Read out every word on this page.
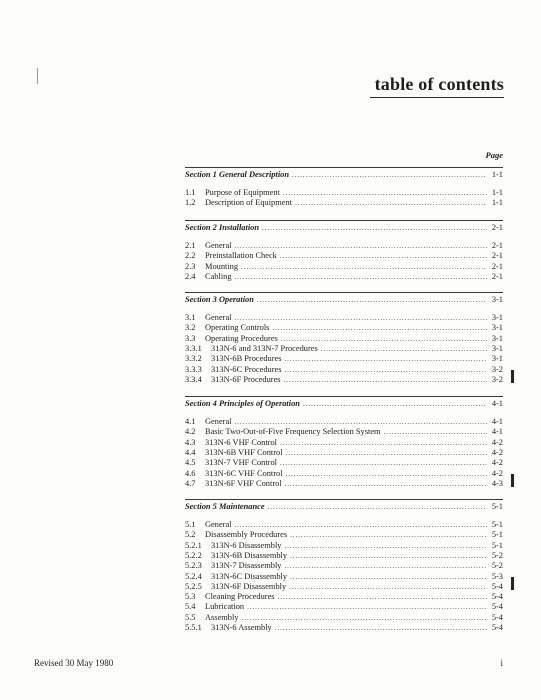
table of contents
Page
Section 1 General Description . . .	1-1
1.1	Purpose of Equipment . . .	1-1
1.2	Description of Equipment . . .	1-1
Section 2 Installation . . .	2-1
2.1	General . . .	2-1
2.2	Preinstallation Check . . .	2-1
2.3	Mounting . . .	2-1
2.4	Cabling . . .	2-1
Section 3 Operation . . .	3-1
3.1	General . . .	3-1
3.2	Operating Controls . . .	3-1
3.3	Operating Procedures . . .	3-1
3.3.1	313N-6 and 313N-7 Procedures . . .	3-1
3.3.2	313N-6B Procedures . . .	3-1
3.3.3	313N-6C Procedures . . .	3-2
3.3.4	313N-6F Procedures . . .	3-2
Section 4 Principles of Operation . . .	4-1
4.1	General . . .	4-1
4.2	Basic Two-Out-of-Five Frequency Selection System . . .	4-1
4.3	313N-6 VHF Control . . .	4-2
4.4	313N-6B VHF Control . . .	4-2
4.5	313N-7 VHF Control . . .	4-2
4.6	313N-6C VHF Control . . .	4-2
4.7	313N-6F VHF Control . . .	4-3
Section 5 Maintenance . . .	5-1
5.1	General . . .	5-1
5.2	Disassembly Procedures . . .	5-1
5.2.1	313N-6 Disassembly . . .	5-1
5.2.2	313N-6B Disassembly . . .	5-2
5.2.3	313N-7 Disassembly . . .	5-2
5.2.4	313N-6C Disassembly . . .	5-3
5.2.5	313N-6F Disassembly . . .	5-4
5.3	Cleaning Procedures . . .	5-4
5.4	Lubrication . . .	5-4
5.5	Assembly . . .	5-4
5.5.1	313N-6 Assembly . . .	5-4
Revised 30 May 1980	i
